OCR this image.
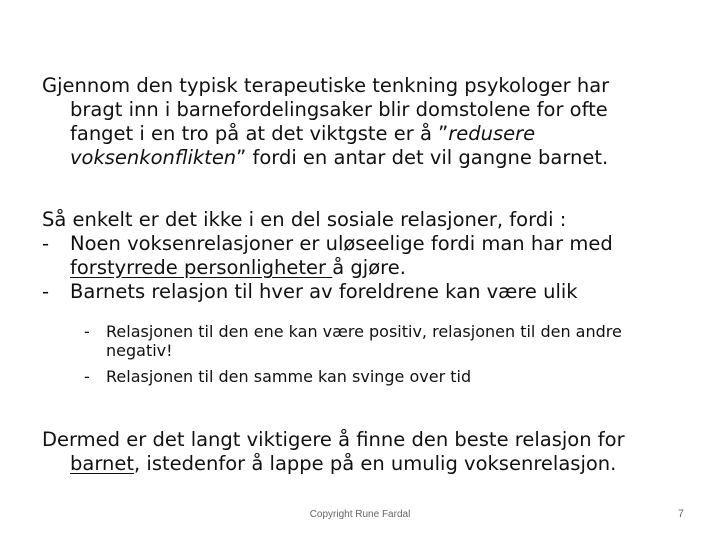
Gjennom den typisk terapeutiske tenkning psykologer har
bragt inn i barnefordelingsaker blir domstolene for ofte
fanget i en tro på at det viktgste er å ”redusere
voksenkonflikten” fordi en antar det vil gangne barnet.

Så enkelt er det ikke i en del sosiale relasjoner, fordi :
- Noen voksenrelasjoner er uløseelige fordi man har med
forstyrrede personligheter å gjøre.
- Barnets relasjon til hver av foreldrene kan være ulik
- Relasjonen til den ene kan være positiv, relasjonen til den andre negativ!
- Relasjonen til den samme kan svinge over tid

Dermed er det langt viktigere å finne den beste relasjon for
barnet, istedenfor å lappe på en umulig voksenrelasjon.

Copyright Rune Fardal	7
